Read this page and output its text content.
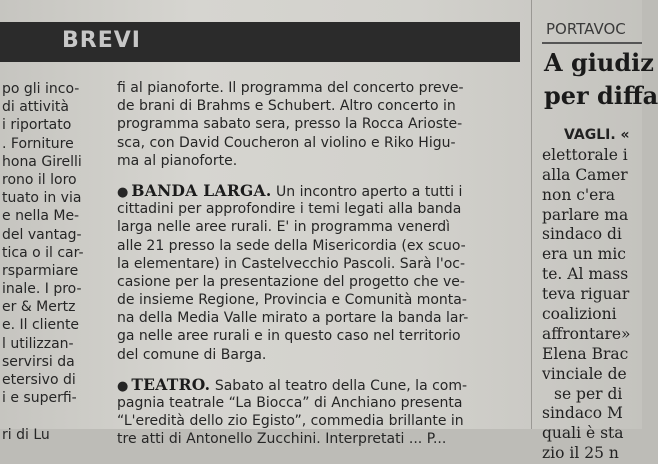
BREVI
po gli inco-
di attività
i riportato
. Forniture
hona Girelli
rono il loro
tuato in via
e nella Me-
del vantag-
tica o il car-
rsparmiare
inale. I pro-
er & Mertz
e. Il cliente
l utilizzan-
servirsi da
etersivo di
i e superfi-
ri di Lu
fi al pianoforte. Il programma del concerto preve-
de brani di Brahms e Schubert. Altro concerto in
programma sabato sera, presso la Rocca Arioste-
sca, con David Coucheron al violino e Riko Higu-
ma al pianoforte.
● BANDA LARGA. Un incontro aperto a tutti i
cittadini per approfondire i temi legati alla banda
larga nelle aree rurali. E' in programma venerdì
alle 21 presso la sede della Misericordia (ex scuo-
la elementare) in Castelvecchio Pascoli. Sarà l'oc-
casione per la presentazione del progetto che ve-
de insieme Regione, Provincia e Comunità monta-
na della Media Valle mirato a portare la banda lar-
ga nelle aree rurali e in questo caso nel territorio
del comune di Barga.
● TEATRO. Sabato al teatro della Cune, la com-
pagnia teatrale “La Biocca” di Anchiano presenta
“L'eredità dello zio Egisto”, commedia brillante in
tre atti di Antonello Zucchini. Interpretati ... P...
PORTAVOC
A giudiz
per diffa
VAGLI. «
elettorale i
alla Camer
non c'era
parlare ma
sindaco di
era un mic
te. Al mass
teva riguar
coalizioni
affrontare»
Elena Brac
vinciale de
se per di
sindaco M
quali è sta
zio il 25 n
